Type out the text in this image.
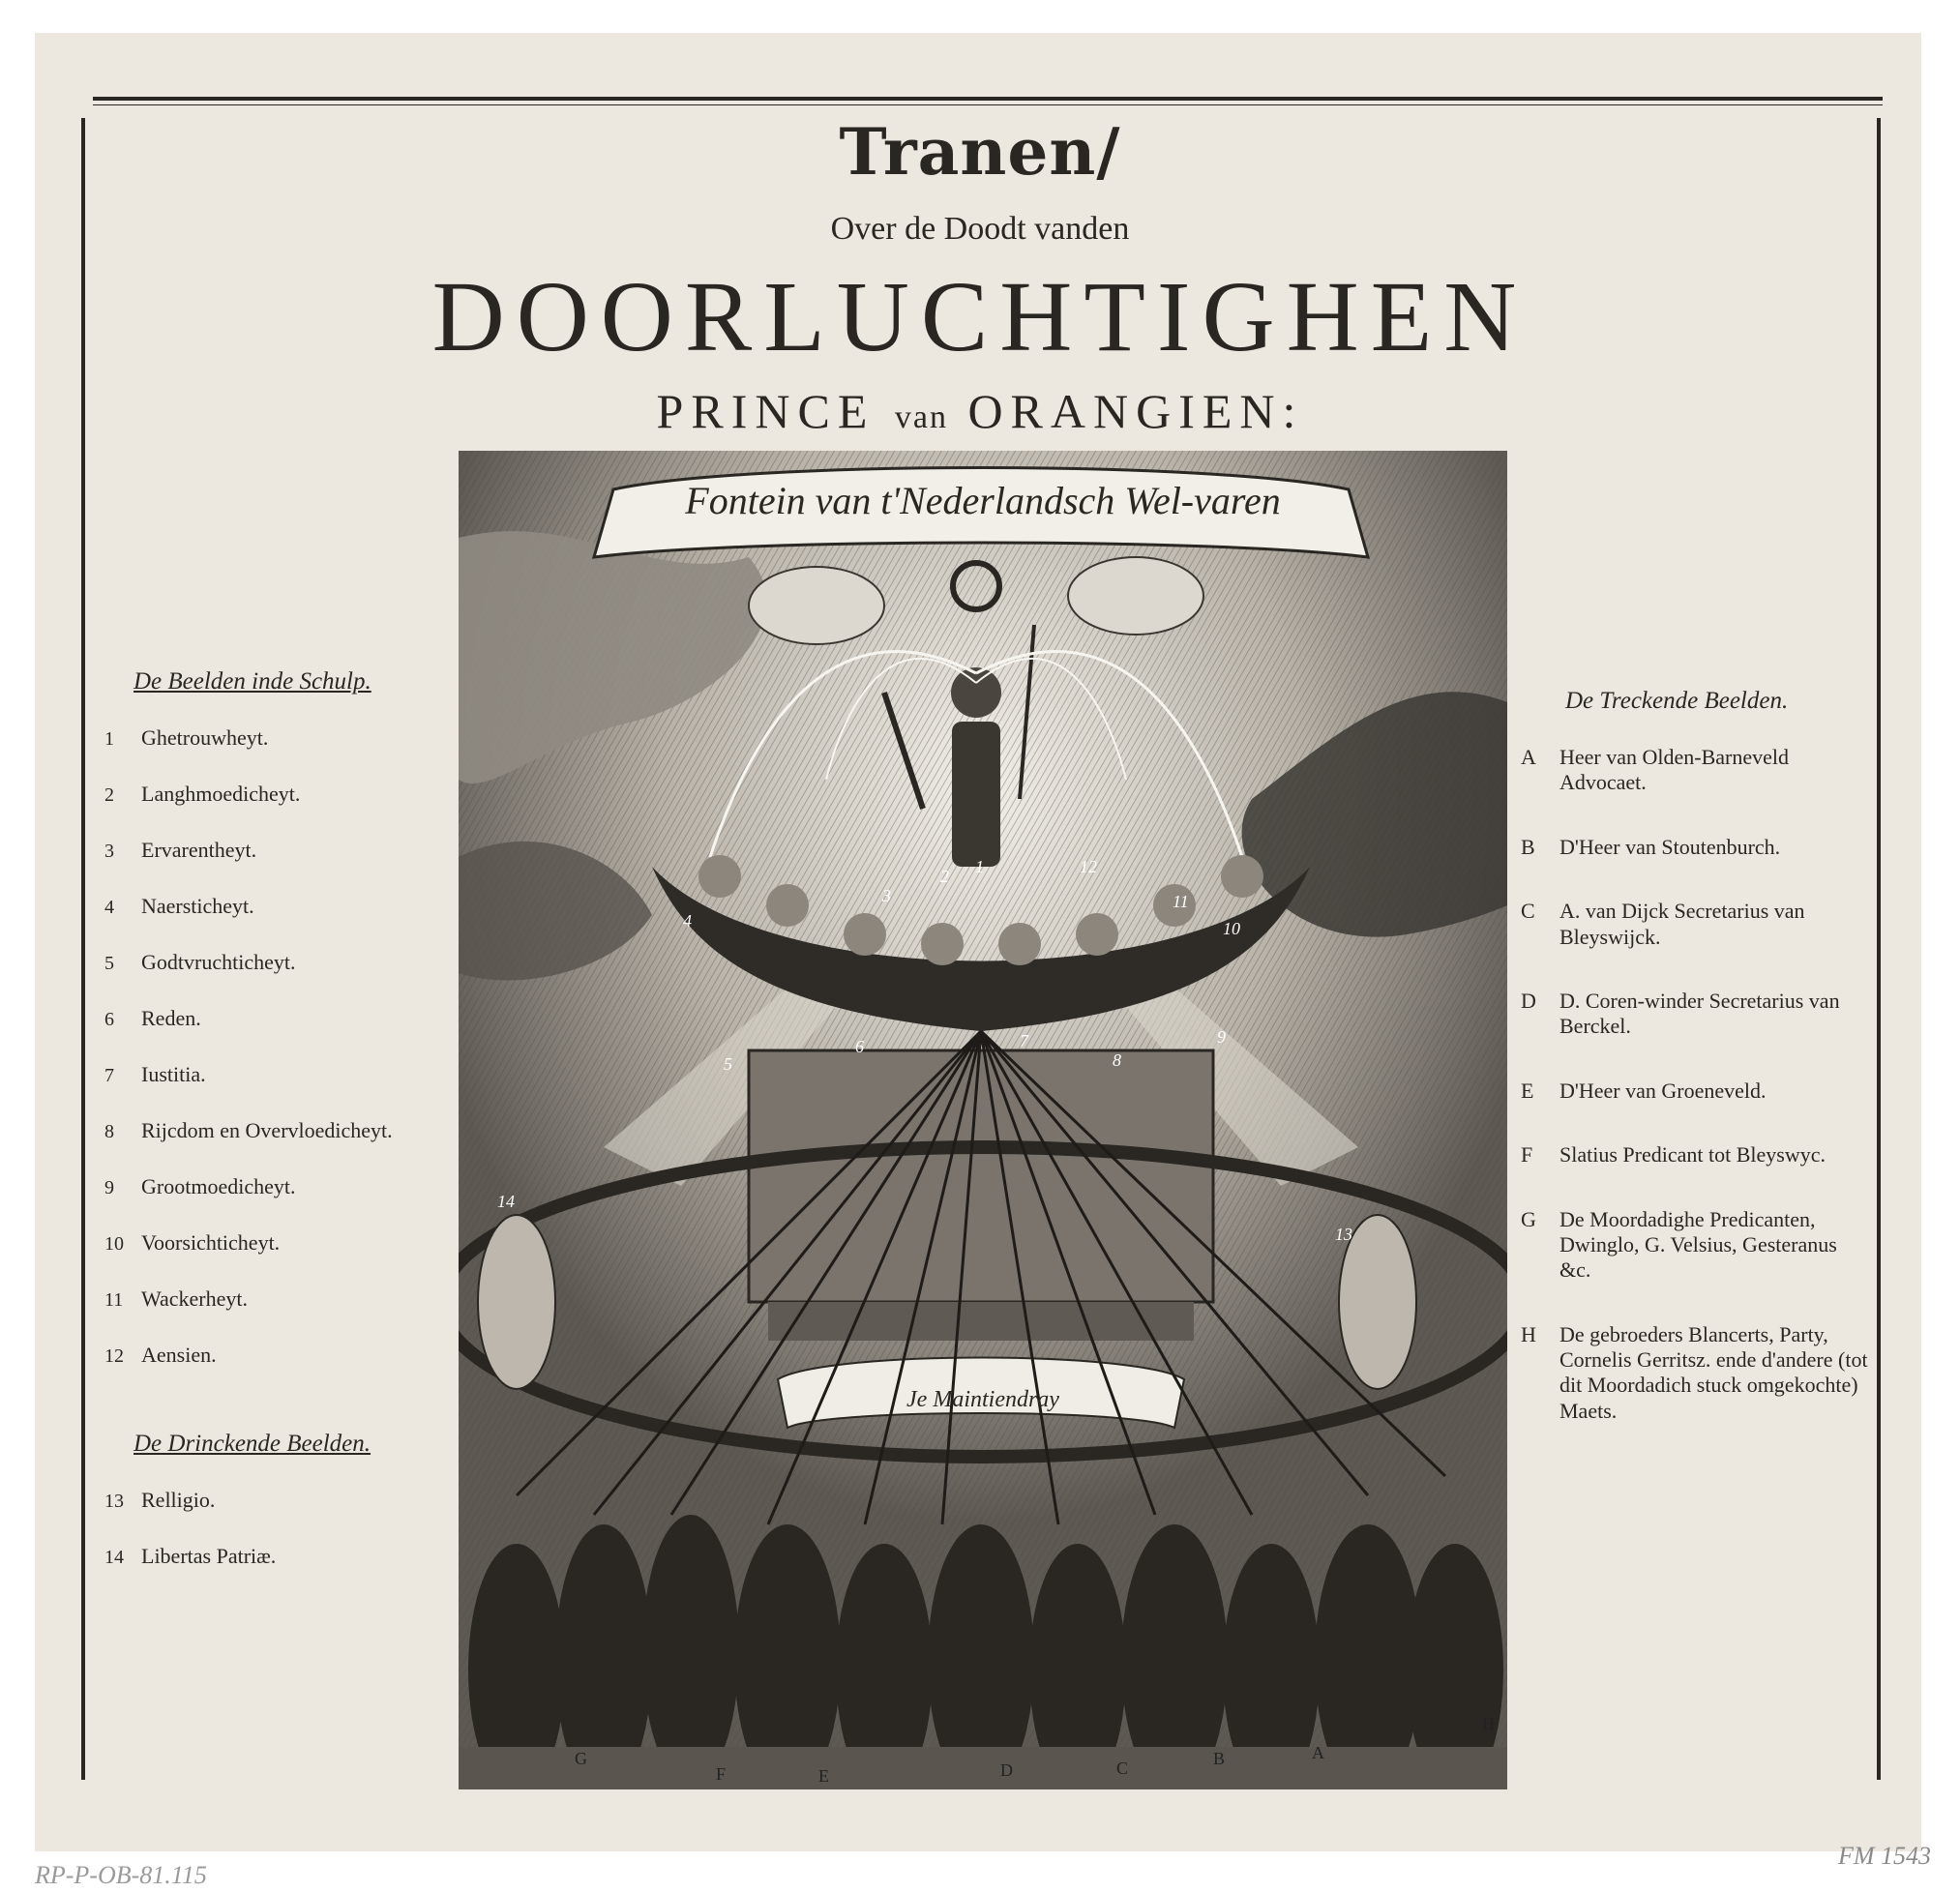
Tranen/
Over de Doodt vanden
DOORLUCHTIGHEN
PRINCE van ORANGIEN:
De Beelden inde Schulp.
1	Ghetrouwheyt.
2	Langhmoedicheyt.
3	Ervarentheyt.
4	Naersticheyt.
5	Godtvruchticheyt.
6	Reden.
7	Iustitia.
8	Rijcdom en Overvloedicheyt.
9	Grootmoedicheyt.
10 Voorsichticheyt.
11 Wackerheyt.
12 Aensien.
De Drinckende Beelden.
13 Relligio.
14 Libertas Patriæ.
De Treckende Beelden.
A	Heer van Olden-Barneveld Advocaet.
B	D'Heer van Stoutenburch.
C	A. van Dijck Secretarius van Bleyswijck.
D	D. Coren-winder Secretarius van Berckel.
E	D'Heer van Groeneveld.
F	Slatius Predicant tot Bleyswyc.
G	De Moordadighe Predicanten, Dwinglo, G. Velsius, Gesteranus &c.
H	De gebroeders Blancerts, Party, Cornelis Gerritsz. ende d'andere (tot dit Moordadich stuck omgekochte) Maets.
Fontein van t'Nederlandsch Wel-varen
Je Maintiendray
1
2
3
4
5
6	7
8
9
10
11
12
13
14
G
F	E	D	C	B	A
H
RP-P-OB-81.115
FM 1543
